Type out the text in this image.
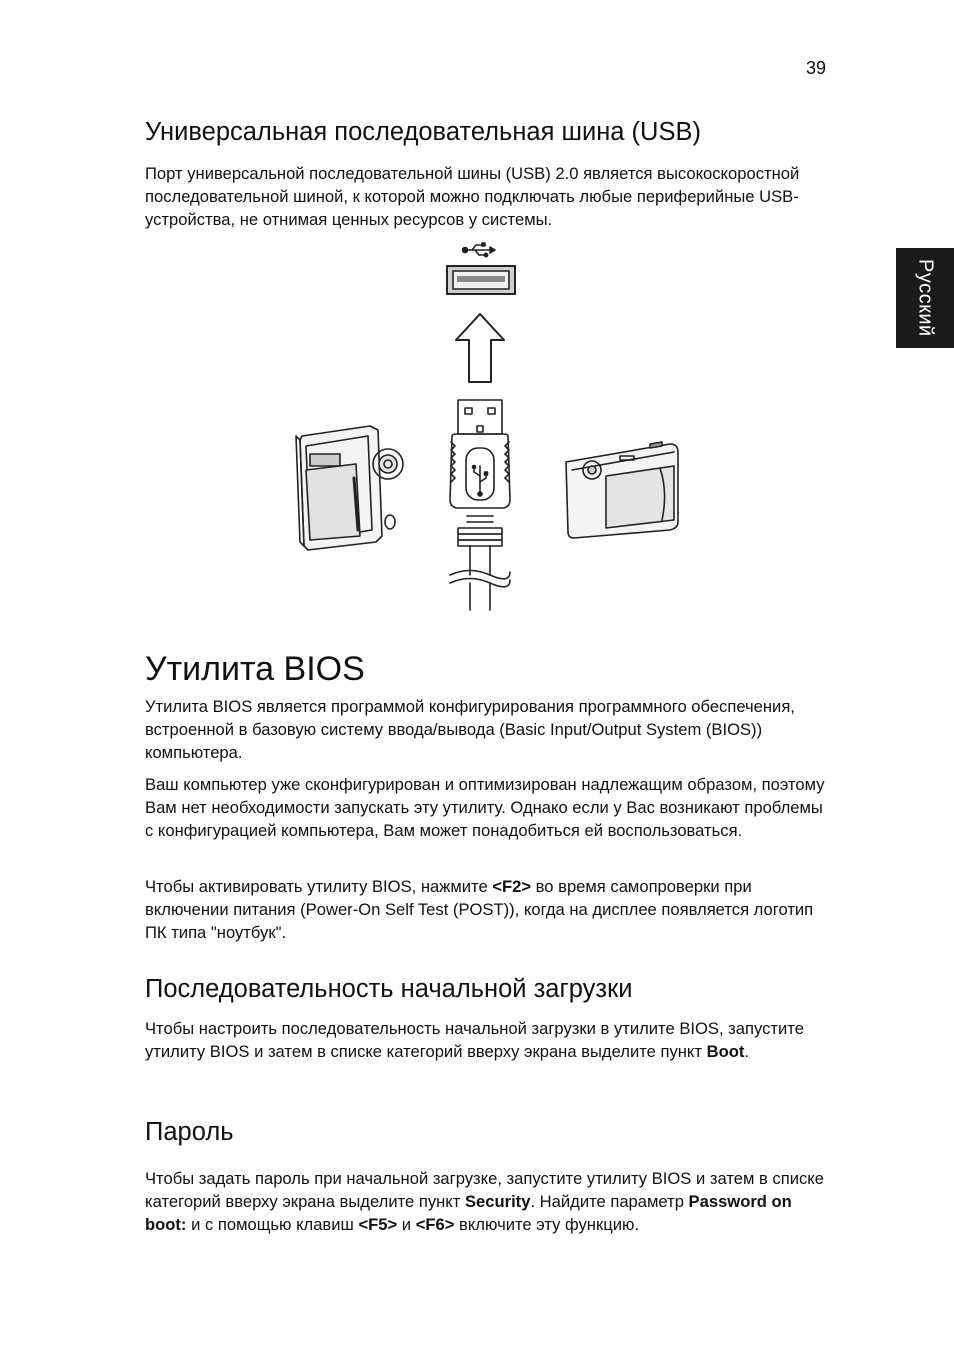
39
Русский
Универсальная последовательная шина (USB)

Порт универсальной последовательной шины (USB) 2.0 является высокоскоростной последовательной шиной, к которой можно подключать любые периферийные USB-устройства, не отнимая ценных ресурсов у системы.

Утилита BIOS

Утилита BIOS является программой конфигурирования программного обеспечения, встроенной в базовую систему ввода/вывода (Basic Input/Output System (BIOS)) компьютера.

Ваш компьютер уже сконфигурирован и оптимизирован надлежащим образом, поэтому Вам нет необходимости запускать эту утилиту. Однако если у Вас возникают проблемы с конфигурацией компьютера, Вам может понадобиться ей воспользоваться.

Чтобы активировать утилиту BIOS, нажмите <F2> во время самопроверки при включении питания (Power-On Self Test (POST)), когда на дисплее появляется логотип ПК типа "ноутбук".

Последовательность начальной загрузки

Чтобы настроить последовательность начальной загрузки в утилите BIOS, запустите утилиту BIOS и затем в списке категорий вверху экрана выделите пункт Boot.

Пароль

Чтобы задать пароль при начальной загрузке, запустите утилиту BIOS и затем в списке категорий вверху экрана выделите пункт Security. Найдите параметр Password on boot: и с помощью клавиш <F5> и <F6> включите эту функцию.
